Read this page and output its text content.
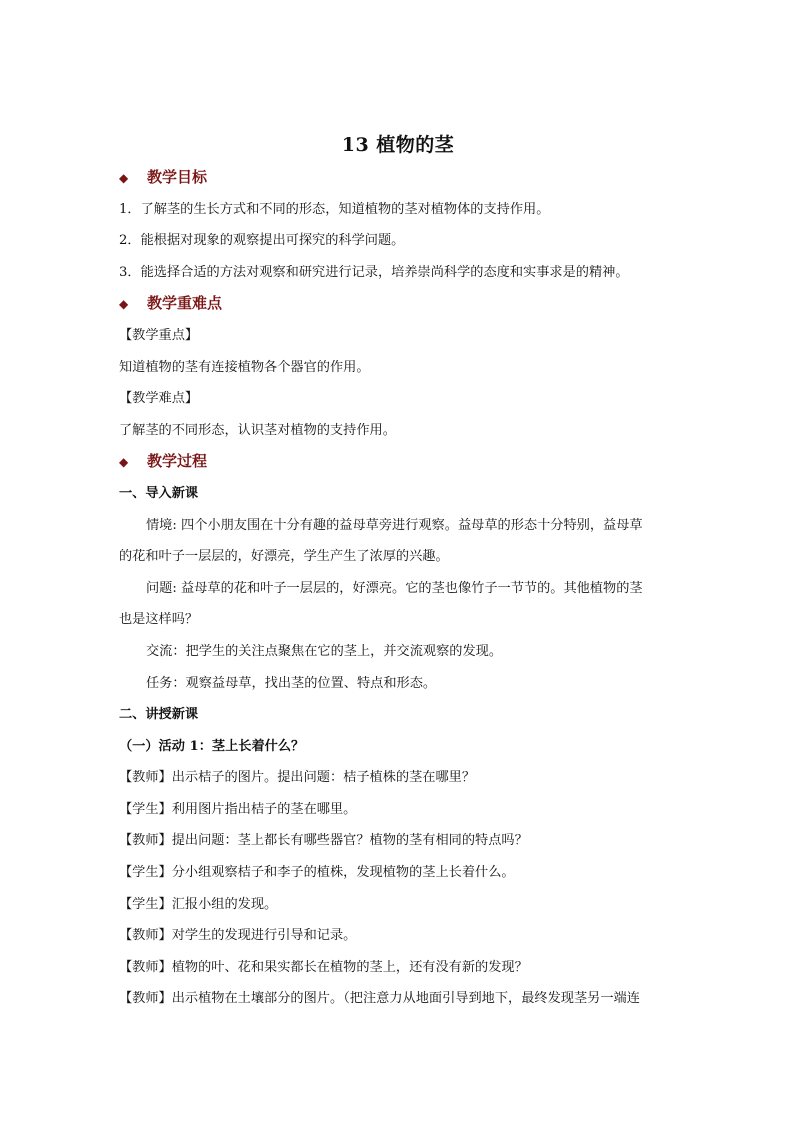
13 植物的茎
◆ 教学目标
1．了解茎的生长方式和不同的形态，知道植物的茎对植物体的支持作用。
2．能根据对现象的观察提出可探究的科学问题。
3．能选择合适的方法对观察和研究进行记录，培养崇尚科学的态度和实事求是的精神。
◆ 教学重难点
【教学重点】
知道植物的茎有连接植物各个器官的作用。
【教学难点】
了解茎的不同形态，认识茎对植物的支持作用。
◆ 教学过程
一、导入新课
情境: 四个小朋友围在十分有趣的益母草旁进行观察。益母草的形态十分特别，益母草
的花和叶子一层层的，好漂亮，学生产生了浓厚的兴趣。
问题: 益母草的花和叶子一层层的，好漂亮。它的茎也像竹子一节节的。其他植物的茎
也是这样吗？
交流：把学生的关注点聚焦在它的茎上，并交流观察的发现。
任务：观察益母草，找出茎的位置、特点和形态。
二、讲授新课
（一）活动 1：茎上长着什么？
【教师】出示桔子的图片。提出问题：桔子植株的茎在哪里？
【学生】利用图片指出桔子的茎在哪里。
【教师】提出问题：茎上都长有哪些器官？植物的茎有相同的特点吗？
【学生】分小组观察桔子和李子的植株，发现植物的茎上长着什么。
【学生】汇报小组的发现。
【教师】对学生的发现进行引导和记录。
【教师】植物的叶、花和果实都长在植物的茎上，还有没有新的发现？
【教师】出示植物在土壤部分的图片。（把注意力从地面引导到地下，最终发现茎另一端连
